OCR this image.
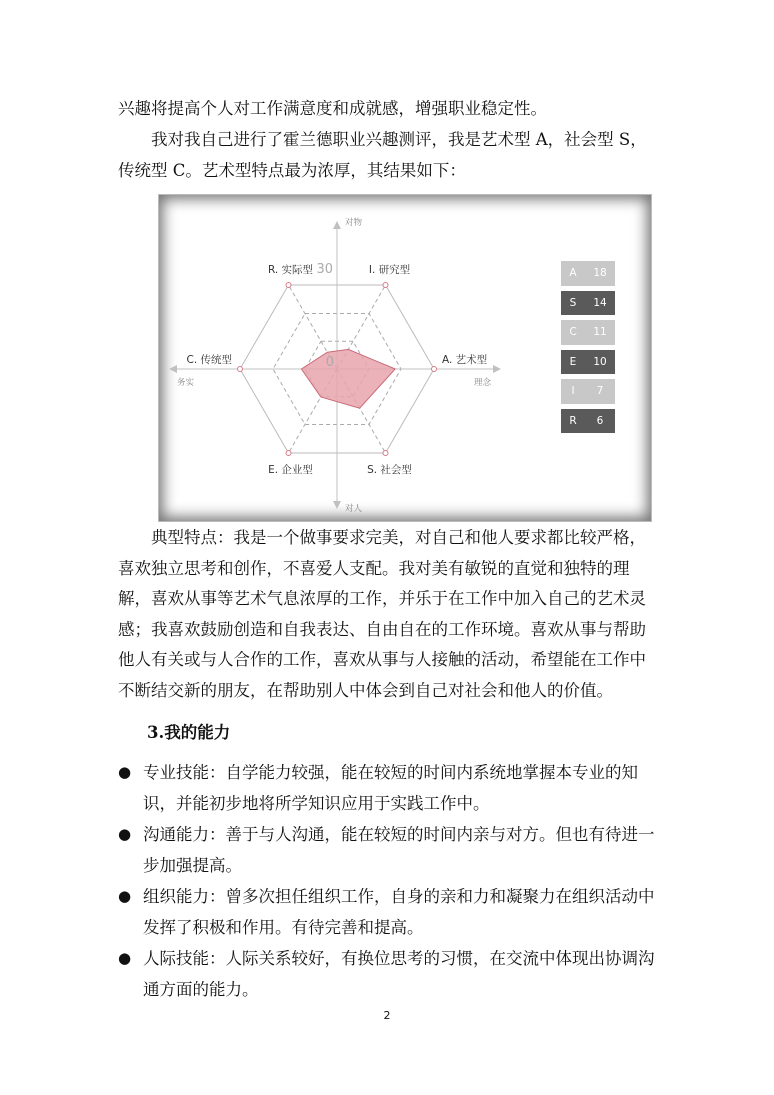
兴趣将提高个人对工作满意度和成就感，增强职业稳定性。

我对我自己进行了霍兰德职业兴趣测评，我是艺术型 A，社会型 S，传统型 C。艺术型特点最为浓厚，其结果如下：

R. 实际型	I. 研究型
A. 艺术型
S. 社会型
E. 企业型
C. 传统型
对物
对人
务实	理念
30
0
A	18
S	14
C	11
E	10
I	7
R	6

典型特点：我是一个做事要求完美，对自己和他人要求都比较严格，喜欢独立思考和创作，不喜爱人支配。我对美有敏锐的直觉和独特的理解，喜欢从事等艺术气息浓厚的工作，并乐于在工作中加入自己的艺术灵感；我喜欢鼓励创造和自我表达、自由自在的工作环境。喜欢从事与帮助他人有关或与人合作的工作，喜欢从事与人接触的活动，希望能在工作中不断结交新的朋友，在帮助别人中体会到自己对社会和他人的价值。

3.我的能力
● 专业技能：自学能力较强，能在较短的时间内系统地掌握本专业的知识，并能初步地将所学知识应用于实践工作中。

● 沟通能力：善于与人沟通，能在较短的时间内亲与对方。但也有待进一步加强提高。

● 组织能力：曾多次担任组织工作，自身的亲和力和凝聚力在组织活动中发挥了积极和作用。有待完善和提高。

● 人际技能：人际关系较好，有换位思考的习惯，在交流中体现出协调沟通方面的能力。

2
